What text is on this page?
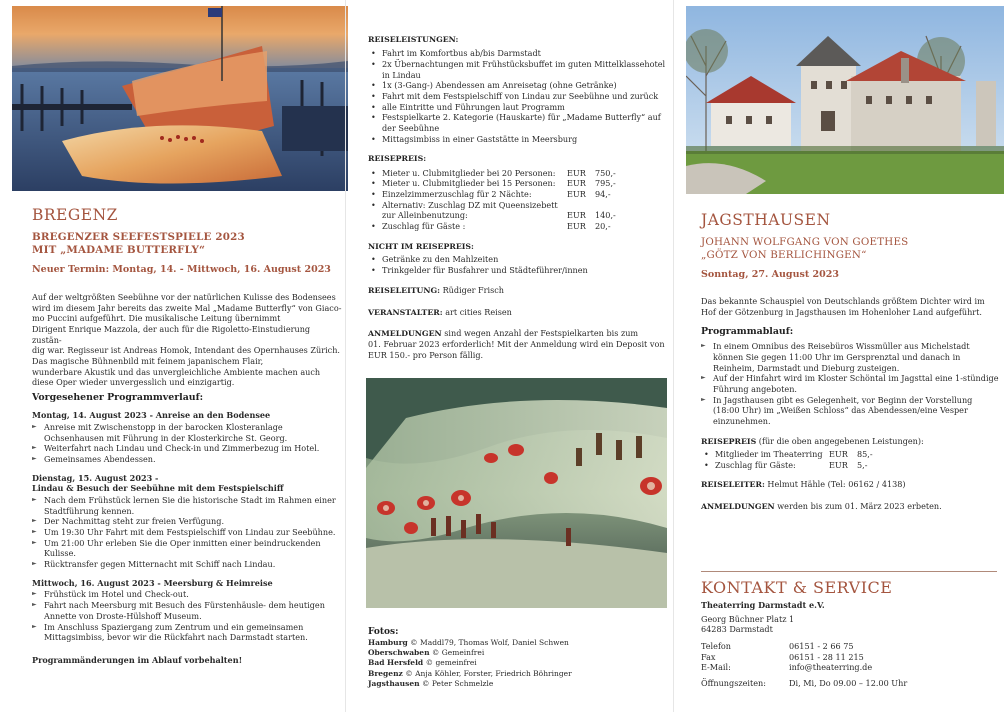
BREGENZ
BREGENZER SEEFESTSPIELE 2023
MIT „MADAME BUTTERFLY“
Neuer Termin: Montag, 14. - Mittwoch, 16. August 2023
Auf der weltgrößten Seebühne vor der natürlichen Kulisse des Bodensees
wird im diesem Jahr bereits das zweite Mal „Madame Butterfly“ von Giaco-
mo Puccini aufgeführt. Die musikalische Leitung übernimmt
Dirigent Enrique Mazzola, der auch für die Rigoletto-Einstudierung zustän-
dig war. Regisseur ist Andreas Homok, Intendant des Opernhauses Zürich.
Das magische Bühnenbild mit feinem japanischem Flair,
wunderbare Akustik und das unvergleichliche Ambiente machen auch
diese Oper wieder unvergesslich und einzigartig.
Vorgesehener Programmverlauf:
Montag, 14. August 2023 - Anreise an den Bodensee
► Anreise mit Zwischenstopp in der barocken Klosteranlage Ochsenhausen mit Führung in der Klosterkirche St. Georg.
► Weiterfahrt nach Lindau und Check-in und Zimmerbezug im Hotel.
► Gemeinsames Abendessen.
Dienstag, 15. August 2023 -
Lindau & Besuch der Seebühne mit dem Festspielschiff
► Nach dem Frühstück lernen Sie die historische Stadt im Rahmen einer Stadtführung kennen.
► Der Nachmittag steht zur freien Verfügung.
► Um 19:30 Uhr Fahrt mit dem Festspielschiff von Lindau zur Seebühne.
► Um 21:00 Uhr erleben Sie die Oper inmitten einer beindruckenden Kulisse.
► Rücktransfer gegen Mitternacht mit Schiff nach Lindau.
Mittwoch, 16. August 2023 - Meersburg & Heimreise
► Frühstück im Hotel und Check-out.
► Fahrt nach Meersburg mit Besuch des Fürstenhäusle- dem heutigen Annette von Droste-Hülshoff Museum.
► Im Anschluss Spaziergang zum Zentrum und ein gemeinsamen Mittagsimbiss, bevor wir die Rückfahrt nach Darmstadt starten.
Programmänderungen im Ablauf vorbehalten!
REISELEISTUNGEN:
• Fahrt im Komfortbus ab/bis Darmstadt
• 2x Übernachtungen mit Frühstücksbuffet im guten Mittelklassehotel in Lindau
• 1x (3-Gang-) Abendessen am Anreisetag (ohne Getränke)
• Fahrt mit dem Festspielschiff von Lindau zur Seebühne und zurück
• alle Eintritte und Führungen laut Programm
• Festspielkarte 2. Kategorie (Hauskarte) für „Madame Butterfly“ auf der Seebühne
• Mittagsimbiss in einer Gaststätte in Meersburg
REISEPREIS:
• Mieter u. Clubmitglieder bei 20 Personen:	EUR	750,-
• Mieter u. Clubmitglieder bei 15 Personen:	EUR	795,-
• Einzelzimmerzuschlag für 2 Nächte:	EUR	94,-
• Alternativ: Zuschlag DZ mit Queensizebett
zur Alleinbenutzung:	EUR	140,-
• Zuschlag für Gäste :	EUR	20,-
NICHT IM REISEPREIS:
• Getränke zu den Mahlzeiten
• Trinkgelder für Busfahrer und Städteführer/innen
REISELEITUNG: Rüdiger Frisch
VERANSTALTER: art cities Reisen
ANMELDUNGEN sind wegen Anzahl der Festspielkarten bis zum
01. Februar 2023 erforderlich! Mit der Anmeldung wird ein Deposit von
EUR 150.- pro Person fällig.
Fotos:
Hamburg © Maddl79, Thomas Wolf, Daniel Schwen
Oberschwaben © Gemeinfrei
Bad Hersfeld © gemeinfrei
Bregenz © Anja Köhler, Forster, Friedrich Böhringer
Jagsthausen © Peter Schmelzle
JAGSTHAUSEN
JOHANN WOLFGANG VON GOETHES
„GÖTZ VON BERLICHINGEN“
Sonntag, 27. August 2023
Das bekannte Schauspiel von Deutschlands größtem Dichter wird im
Hof der Götzenburg in Jagsthausen im Hohenloher Land aufgeführt.
Programmablauf:
► In einem Omnibus des Reisebüros Wissmüller aus Michelstadt können Sie gegen 11:00 Uhr im Gersprenztal und danach in Reinheim, Darmstadt und Dieburg zusteigen.
► Auf der Hinfahrt wird im Kloster Schöntal im Jagsttal eine 1-stündige Führung angeboten.
► In Jagsthausen gibt es Gelegenheit, vor Beginn der Vorstellung (18:00 Uhr) im „Weißen Schloss“ das Abendessen/eine Vesper einzunehmen.
REISEPREIS (für die oben angegebenen Leistungen):
• Mitglieder im Theaterring EUR	85,-
• Zuschlag für Gäste:	EUR	5,-
REISELEITER: Helmut Hähle (Tel: 06162 / 4138)
ANMELDUNGEN werden bis zum 01. März 2023 erbeten.
KONTAKT & SERVICE
Theaterring Darmstadt e.V.
Georg Büchner Platz 1
64283 Darmstadt
Telefon	06151 - 2 66 75
Fax	06151 - 28 11 215
E-Mail:	info@theaterring.de
Öffnungszeiten:	Di, Mi, Do 09.00 – 12.00 Uhr
